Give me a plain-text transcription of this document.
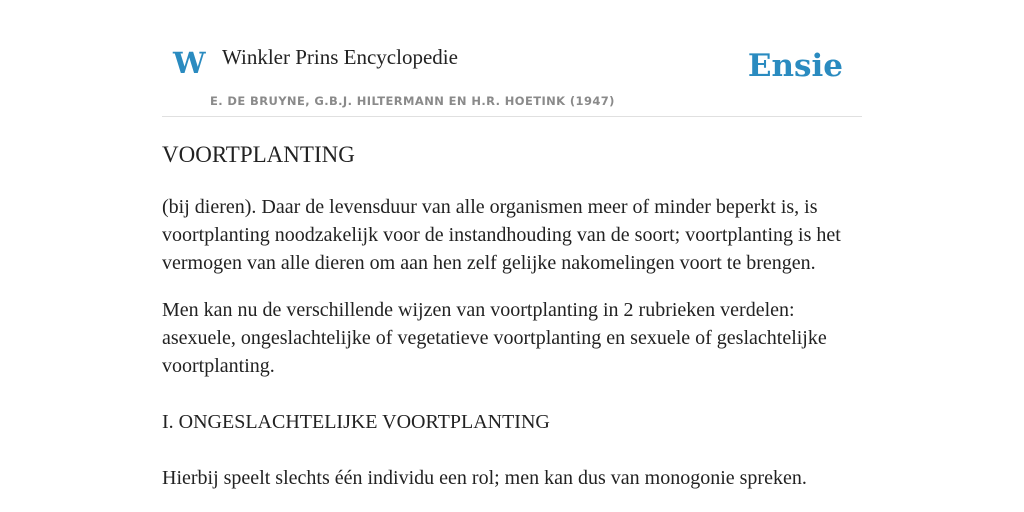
W Winkler Prins Encyclopedie
E. DE BRUYNE, G.B.J. HILTERMANN EN H.R. HOETINK (1947)
Ensie
VOORTPLANTING

(bij dieren). Daar de levensduur van alle organismen meer of minder beperkt is, is voortplanting noodzakelijk voor de instandhouding van de soort; voortplanting is het vermogen van alle dieren om aan hen zelf gelijke nakomelingen voort te brengen.

Men kan nu de verschillende wijzen van voortplanting in 2 rubrieken verdelen: asexuele, ongeslachtelijke of vegetatieve voortplanting en sexuele of geslachtelijke voortplanting.

I. ONGESLACHTELIJKE VOORTPLANTING

Hierbij speelt slechts één individu een rol; men kan dus van monogonie spreken.
